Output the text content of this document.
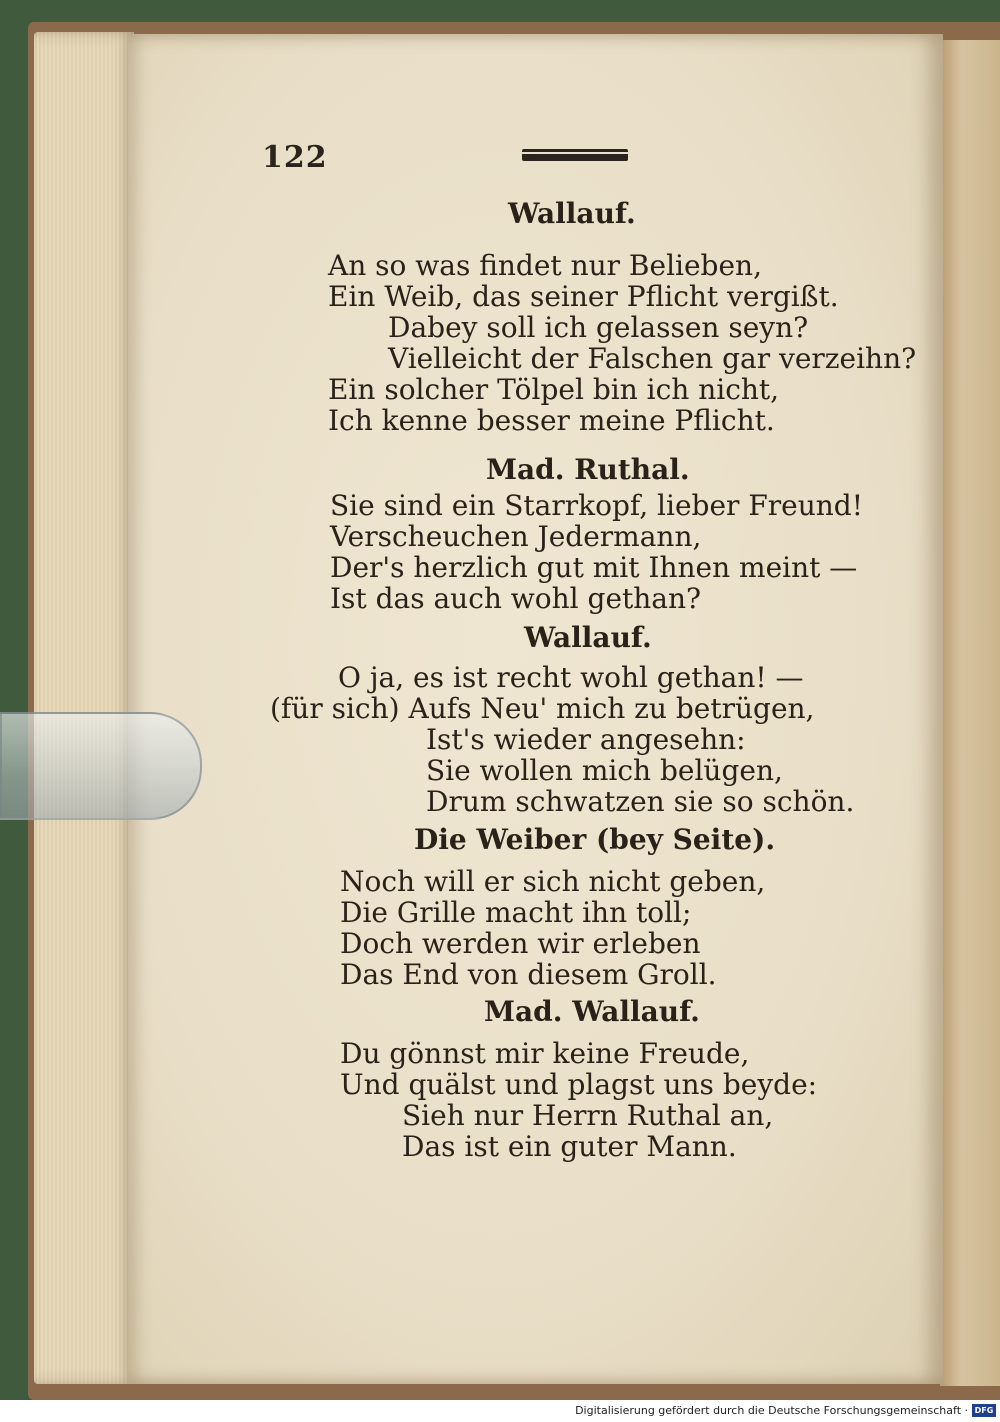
122
Wallauf.
An so was findet nur Belieben,
Ein Weib, das seiner Pflicht vergißt.
Dabey soll ich gelassen seyn?
Vielleicht der Falschen gar verzeihn?
Ein solcher Tölpel bin ich nicht,
Ich kenne besser meine Pflicht.
Mad. Ruthal.
Sie sind ein Starrkopf, lieber Freund!
Verscheuchen Jedermann,
Der's herzlich gut mit Ihnen meint —
Ist das auch wohl gethan?
Wallauf.
O ja, es ist recht wohl gethan! —
(für sich) Aufs Neu' mich zu betrügen,
Ist's wieder angesehn:
Sie wollen mich belügen,
Drum schwatzen sie so schön.
Die Weiber (bey Seite).
Noch will er sich nicht geben,
Die Grille macht ihn toll;
Doch werden wir erleben
Das End von diesem Groll.
Mad. Wallauf.
Du gönnst mir keine Freude,
Und quälst und plagst uns beyde:
Sieh nur Herrn Ruthal an,
Das ist ein guter Mann.
Digitalisierung gefördert durch die Deutsche Forschungsgemeinschaft · DFG
